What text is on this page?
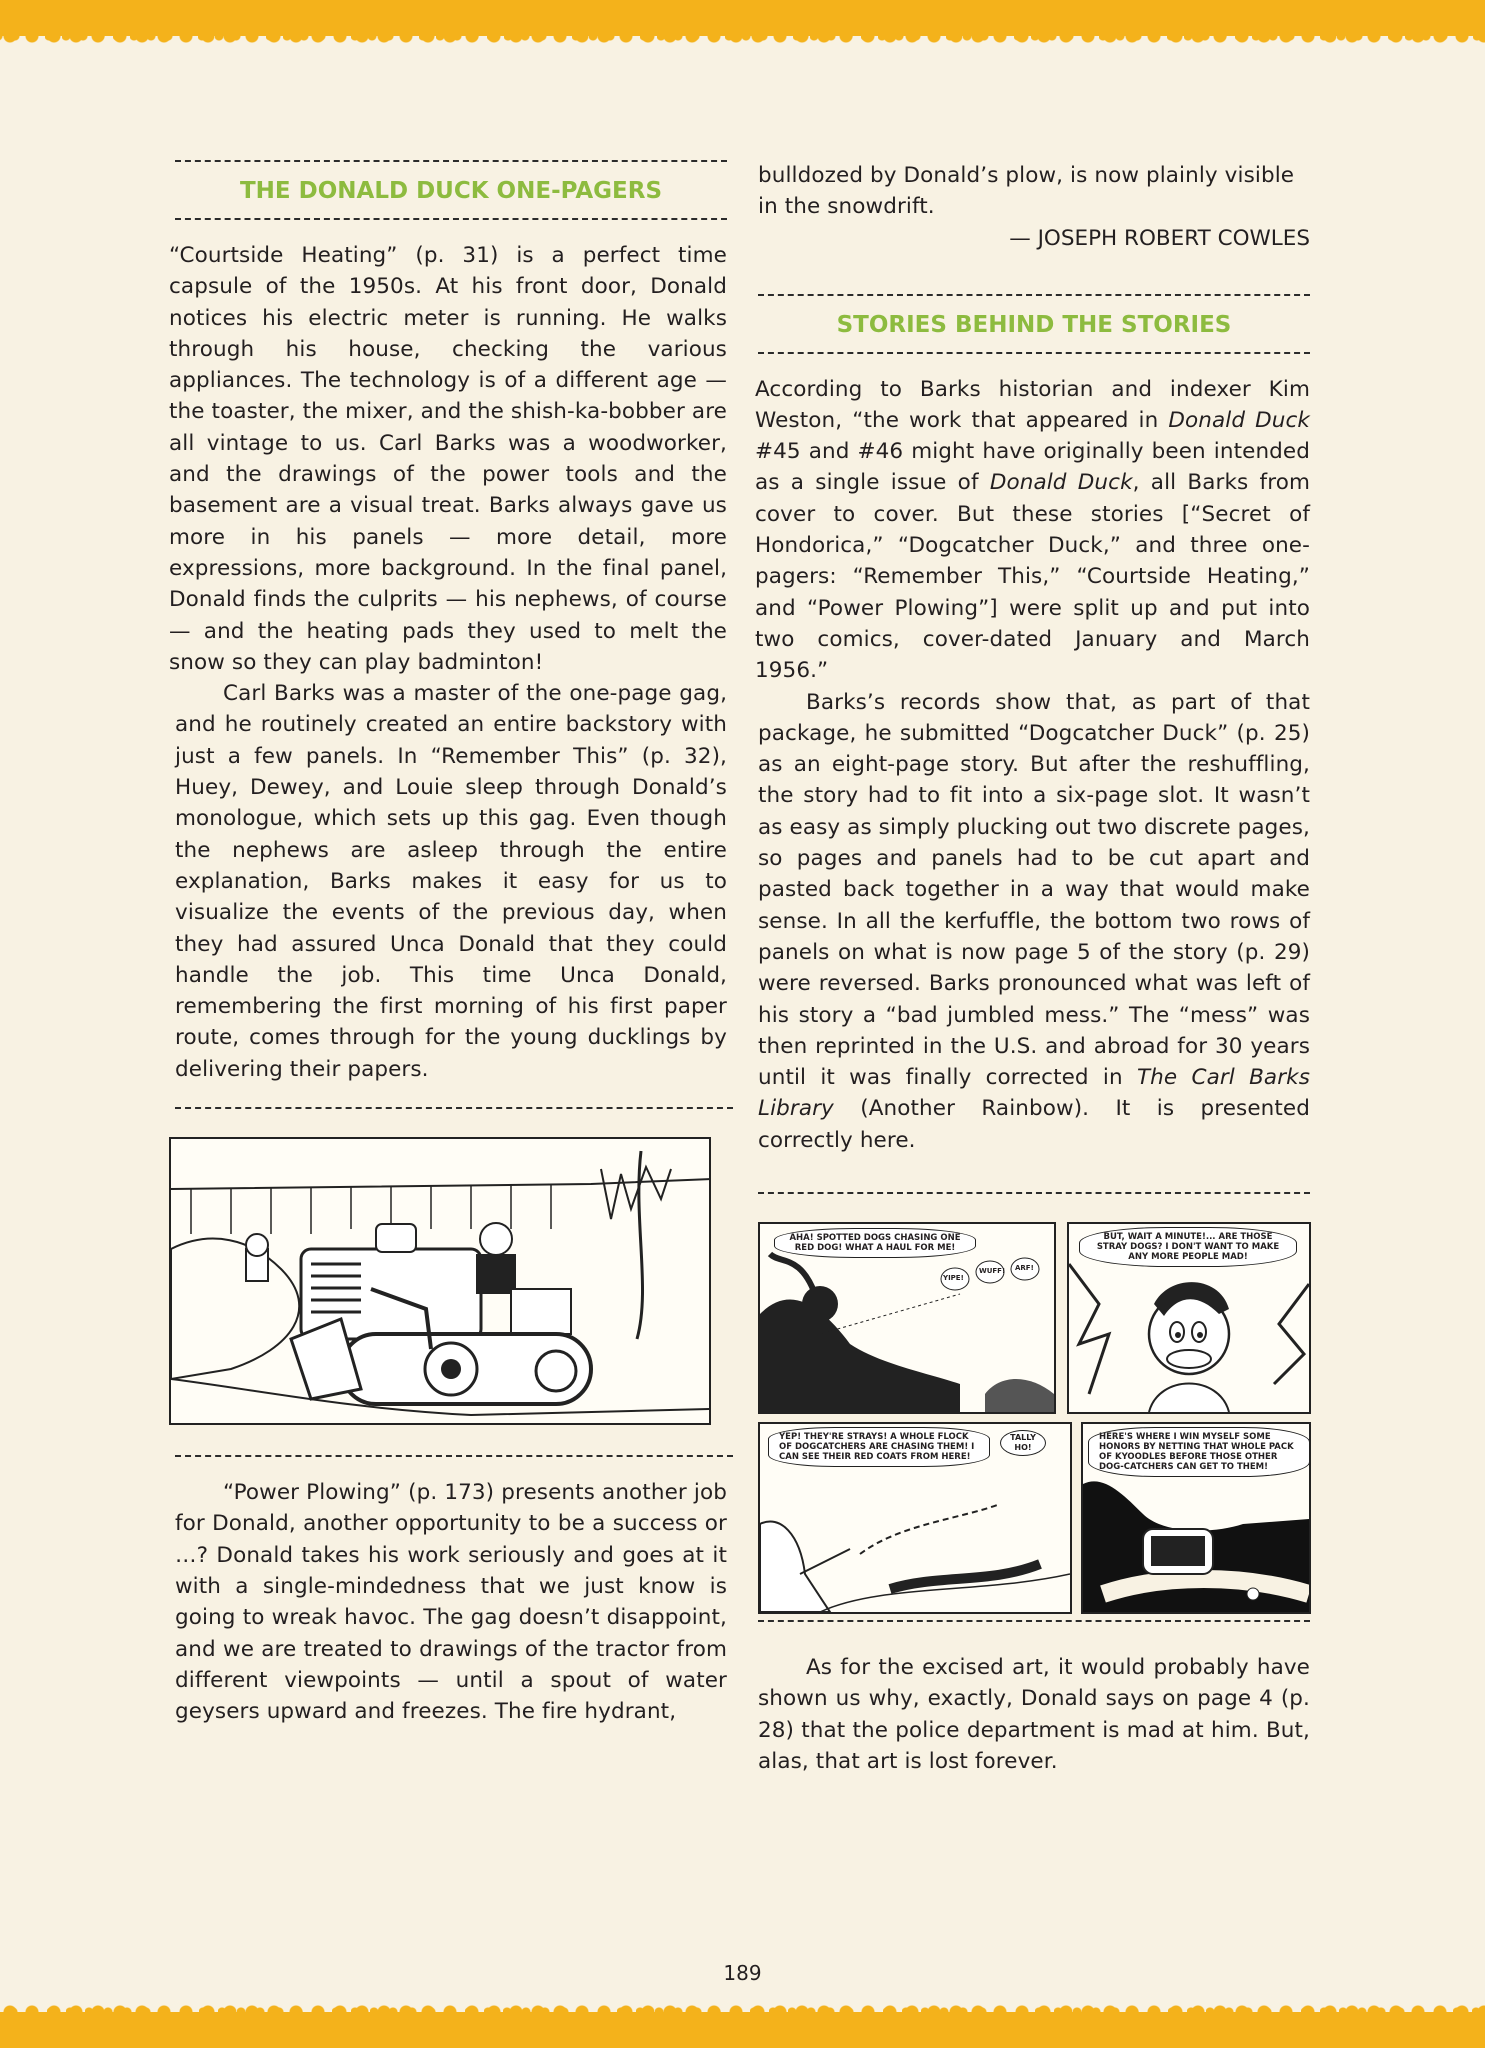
THE DONALD DUCK ONE-PAGERS

“Courtside Heating” (p. 31) is a perfect time capsule of the 1950s. At his front door, Donald notices his electric meter is running. He walks through his house, checking the various appliances. The technology is of a different age — the toaster, the mixer, and the shish-ka-bobber are all vintage to us. Carl Barks was a woodworker, and the drawings of the power tools and the basement are a visual treat. Barks always gave us more in his panels — more detail, more expressions, more background. In the final panel, Donald finds the culprits — his nephews, of course — and the heating pads they used to melt the snow so they can play badminton!

Carl Barks was a master of the one-page gag, and he routinely created an entire backstory with just a few panels. In “Remember This” (p. 32), Huey, Dewey, and Louie sleep through Donald’s monologue, which sets up this gag. Even though the nephews are asleep through the entire explanation, Barks makes it easy for us to visualize the events of the previous day, when they had assured Unca Donald that they could handle the job. This time Unca Donald, remembering the first morning of his first paper route, comes through for the young ducklings by delivering their papers.

“Power Plowing” (p. 173) presents another job for Donald, another opportunity to be a success or …? Donald takes his work seriously and goes at it with a single-mindedness that we just know is going to wreak havoc. The gag doesn’t disappoint, and we are treated to drawings of the tractor from different viewpoints — until a spout of water geysers upward and freezes. The fire hydrant,

bulldozed by Donald’s plow, is now plainly visible in the snowdrift.

— JOSEPH ROBERT COWLES

STORIES BEHIND THE STORIES

According to Barks historian and indexer Kim Weston, “the work that appeared in Donald Duck #45 and #46 might have originally been intended as a single issue of Donald Duck, all Barks from cover to cover. But these stories [“Secret of Hondorica,” “Dogcatcher Duck,” and three one-pagers: “Remember This,” “Courtside Heating,” and “Power Plowing”] were split up and put into two comics, cover-dated January and March 1956.”

Barks’s records show that, as part of that package, he submitted “Dogcatcher Duck” (p. 25) as an eight-page story. But after the reshuffling, the story had to fit into a six-page slot. It wasn’t as easy as simply plucking out two discrete pages, so pages and panels had to be cut apart and pasted back together in a way that would make sense. In all the kerfuffle, the bottom two rows of panels on what is now page 5 of the story (p. 29) were reversed. Barks pronounced what was left of his story a “bad jumbled mess.” The “mess” was then reprinted in the U.S. and abroad for 30 years until it was finally corrected in The Carl Barks Library (Another Rainbow). It is presented correctly here.

AHA! SPOTTED DOGS CHASING ONE RED DOG! WHAT A HAUL FOR ME!
YIPE!
WUFF! ARF!
BUT, WAIT A MINUTE!... ARE THOSE STRAY DOGS? I DON'T WANT TO MAKE ANY MORE PEOPLE MAD!
YEP! THEY'RE STRAYS! A WHOLE FLOCK OF DOGCATCHERS ARE CHASING THEM! I CAN SEE THEIR RED COATS FROM HERE!
TALLY HO!
HERE'S WHERE I WIN MYSELF SOME HONORS BY NETTING THAT WHOLE PACK OF KYOODLES BEFORE THOSE OTHER DOG-CATCHERS CAN GET TO THEM!

As for the excised art, it would probably have shown us why, exactly, Donald says on page 4 (p. 28) that the police department is mad at him. But, alas, that art is lost forever.

189
